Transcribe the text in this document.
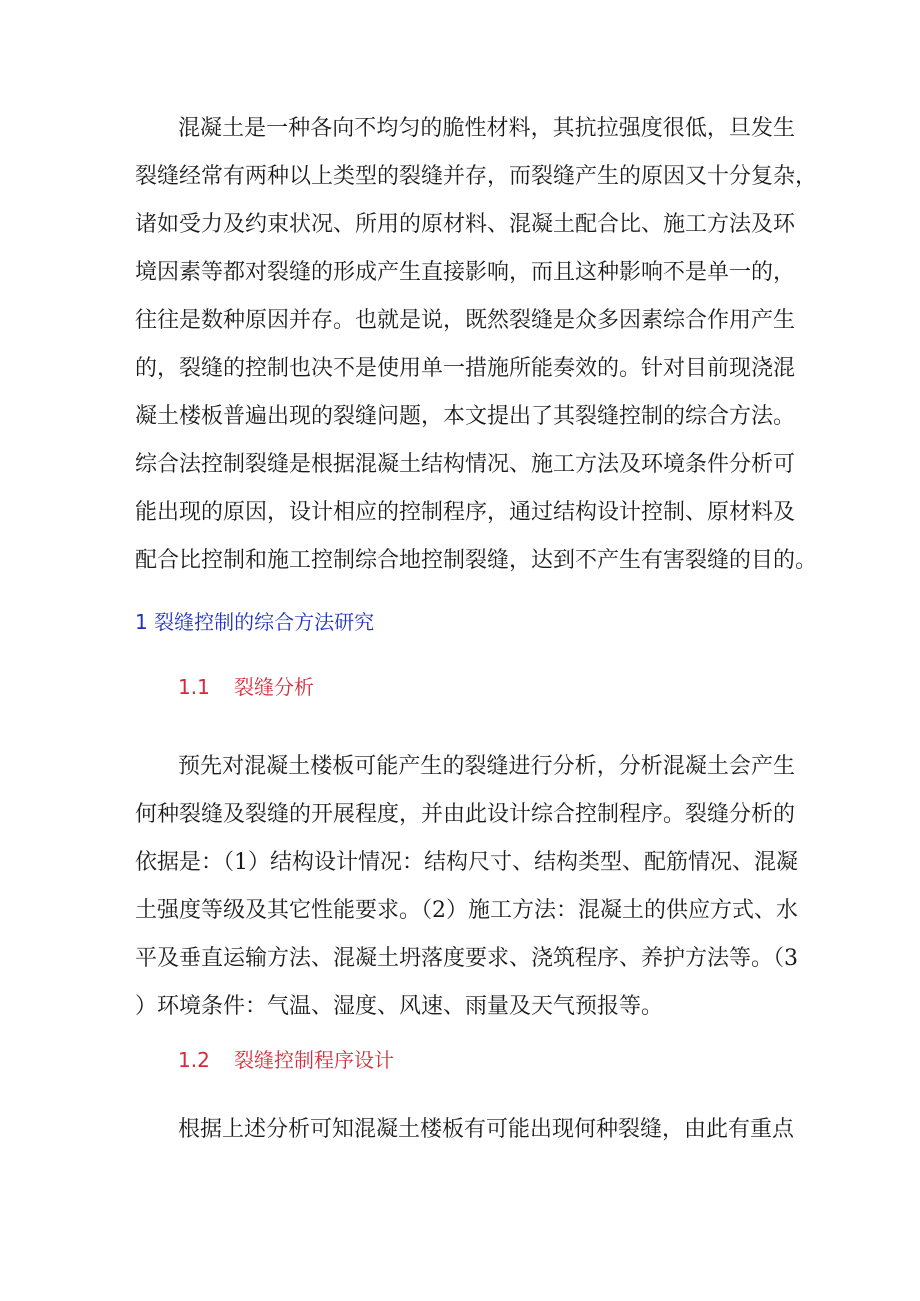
混凝土是一种各向不均匀的脆性材料，其抗拉强度很低，旦发生
裂缝经常有两种以上类型的裂缝并存，而裂缝产生的原因又十分复杂，
诸如受力及约束状况、所用的原材料、混凝土配合比、施工方法及环
境因素等都对裂缝的形成产生直接影响，而且这种影响不是单一的，
往往是数种原因并存。也就是说，既然裂缝是众多因素综合作用产生
的，裂缝的控制也决不是使用单一措施所能奏效的。针对目前现浇混
凝土楼板普遍出现的裂缝问题，本文提出了其裂缝控制的综合方法。
综合法控制裂缝是根据混凝土结构情况、施工方法及环境条件分析可
能出现的原因，设计相应的控制程序，通过结构设计控制、原材料及
配合比控制和施工控制综合地控制裂缝，达到不产生有害裂缝的目的。
1 裂缝控制的综合方法研究
1.1 裂缝分析
预先对混凝土楼板可能产生的裂缝进行分析，分析混凝土会产生
何种裂缝及裂缝的开展程度，并由此设计综合控制程序。裂缝分析的
依据是：（1）结构设计情况：结构尺寸、结构类型、配筋情况、混凝
土强度等级及其它性能要求。（2）施工方法：混凝土的供应方式、水
平及垂直运输方法、混凝土坍落度要求、浇筑程序、养护方法等。（3
）环境条件：气温、湿度、风速、雨量及天气预报等。
1.2 裂缝控制程序设计
根据上述分析可知混凝土楼板有可能出现何种裂缝，由此有重点
